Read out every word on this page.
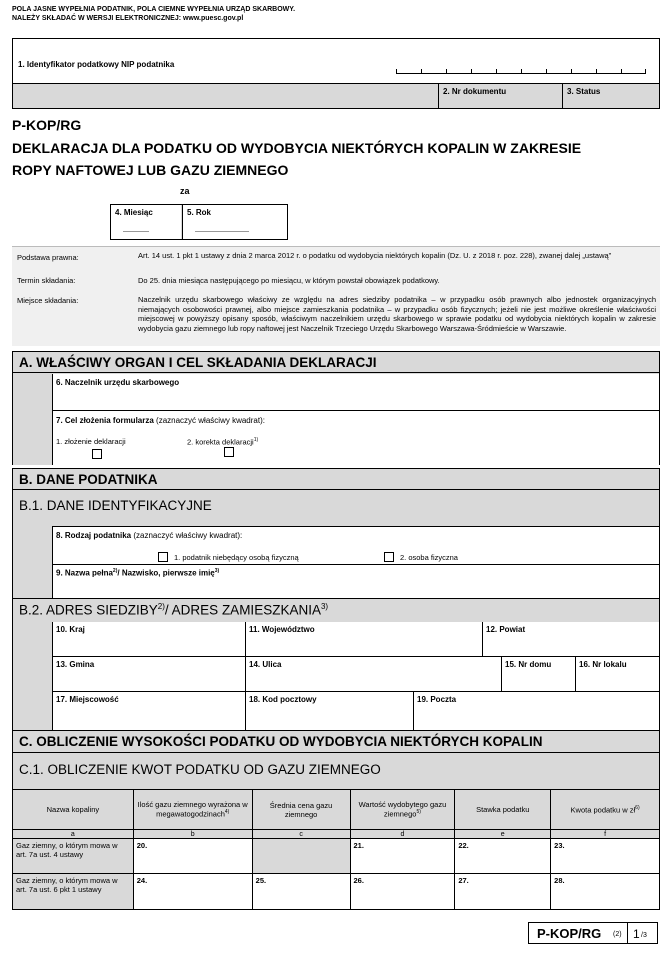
POLA JASNE WYPEŁNIA PODATNIK, POLA CIEMNE WYPEŁNIA URZĄD SKARBOWY.
NALEŻY SKŁADAĆ W WERSJI ELEKTRONICZNEJ: www.puesc.gov.pl
1. Identyfikator podatkowy NIP podatnika
2. Nr dokumentu	3. Status
P-KOP/RG
DEKLARACJA DLA PODATKU OD WYDOBYCIA NIEKTÓRYCH KOPALIN W ZAKRESIE
ROPY NAFTOWEJ LUB GAZU ZIEMNEGO
za
4. Miesiąc	5. Rok
Podstawa prawna:	Art. 14 ust. 1 pkt 1 ustawy z dnia 2 marca 2012 r. o podatku od wydobycia niektórych kopalin (Dz. U. z 2018 r. poz. 228), zwanej dalej „ustawą”
Termin składania:	Do 25. dnia miesiąca następującego po miesiącu, w którym powstał obowiązek podatkowy.
Miejsce składania:	Naczelnik urzędu skarbowego właściwy ze względu na adres siedziby podatnika – w przypadku osób prawnych albo jednostek organizacyjnych niemających osobowości prawnej, albo miejsce zamieszkania podatnika – w przypadku osób fizycznych; jeżeli nie jest możliwe określenie właściwości miejscowej w powyższy opisany sposób, właściwym naczelnikiem urzędu skarbowego w sprawie podatku od wydobycia niektórych kopalin w zakresie wydobycia gazu ziemnego lub ropy naftowej jest Naczelnik Trzeciego Urzędu Skarbowego Warszawa-Śródmieście w Warszawie.
A. WŁAŚCIWY ORGAN I CEL SKŁADANIA DEKLARACJI
6. Naczelnik urzędu skarbowego
7. Cel złożenia formularza (zaznaczyć właściwy kwadrat):
1. złożenie deklaracji	2. korekta deklaracji$^{1)}$
B. DANE PODATNIKA
B.1. DANE IDENTYFIKACYJNE
8. Rodzaj podatnika (zaznaczyć właściwy kwadrat):
1. podatnik niebędący osobą fizyczną	2. osoba fizyczna
9. Nazwa pełna$^{2)}$/ Nazwisko, pierwsze imię$^{3)}$
B.2. ADRES SIEDZIBY$^{2)}$/ ADRES ZAMIESZKANIA$^{3)}$
10. Kraj	11. Województwo	12. Powiat
13. Gmina	14. Ulica	15. Nr domu	16. Nr lokalu
17. Miejscowość	18. Kod pocztowy	19. Poczta
C. OBLICZENIE WYSOKOŚCI PODATKU OD WYDOBYCIA NIEKTÓRYCH KOPALIN
C.1. OBLICZENIE KWOT PODATKU OD GAZU ZIEMNEGO
Nazwa kopaliny	Ilość gazu ziemnego wyrażona w megawatogodzinach$^{4)}$	Średnia cena gazu ziemnego	Wartość wydobytego gazu ziemnego$^{5)}$	Stawka podatku	Kwota podatku w $zł^{6)}$
a	b	c	d	e	f
Gaz ziemny, o którym mowa w art. 7a ust. 4 ustawy	20.		21.	22.	23.
Gaz ziemny, o którym mowa w art. 7a ust. 6 pkt 1 ustawy	24.	25.	26.	27.	28.
P-KOP/RG (2) 1 /3
